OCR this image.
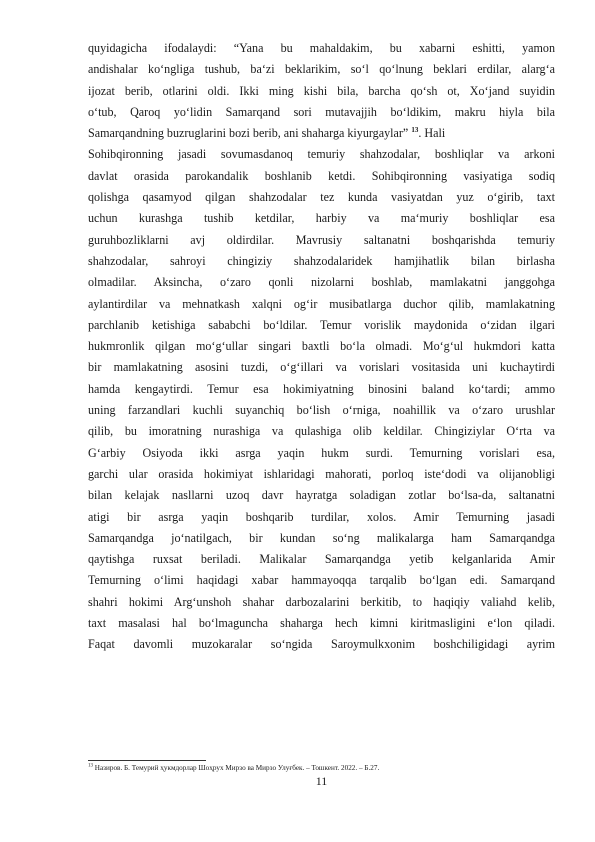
quyidagicha ifodalaydi: “Yana bu mahaldakim, bu xabarni eshitti, yamon
andishalar ko‘ngliga tushub, ba‘zi beklarikim, so‘l qo‘lnung beklari erdilar, alarg‘a
ijozat berib, otlarini oldi. Ikki ming kishi bila, barcha qo‘sh ot, Xo‘jand suyidin
o‘tub, Qaroq yo‘lidin Samarqand sori mutavajjih bo‘ldikim, makru hiyla bila
Samarqandning buzruglarini bozi berib, ani shaharga kiyurgaylar” $^{13}$. Hali
Sohibqironning jasadi sovumasdanoq temuriy shahzodalar, boshliqlar va arkoni
davlat orasida parokandalik boshlanib ketdi. Sohibqironning vasiyatiga sodiq
qolishga qasamyod qilgan shahzodalar tez kunda vasiyatdan yuz o‘girib, taxt
uchun kurashga tushib ketdilar, harbiy va ma‘muriy boshliqlar esa
guruhbozliklarni avj oldirdilar. Mavrusiy saltanatni boshqarishda temuriy
shahzodalar, sahroyi chingiziy shahzodalaridek hamjihatlik bilan birlasha
olmadilar. Aksincha, o‘zaro qonli nizolarni boshlab, mamlakatni janggohga
aylantirdilar va mehnatkash xalqni og‘ir musibatlarga duchor qilib, mamlakatning
parchlanib ketishiga sababchi bo‘ldilar. Temur vorislik maydonida o‘zidan ilgari
hukmronlik qilgan mo‘g‘ullar singari baxtli bo‘la olmadi. Mo‘g‘ul hukmdori katta
bir mamlakatning asosini tuzdi, o‘g‘illari va vorislari vositasida uni kuchaytirdi
hamda kengaytirdi. Temur esa hokimiyatning binosini baland ko‘tardi; ammo
uning farzandlari kuchli suyanchiq bo‘lish o‘rniga, noahillik va o‘zaro urushlar
qilib, bu imoratning nurashiga va qulashiga olib keldilar. Chingiziylar O‘rta va
G‘arbiy Osiyoda ikki asrga yaqin hukm surdi. Temurning vorislari esa,
garchi ular orasida hokimiyat ishlaridagi mahorati, porloq iste‘dodi va olijanobligi
bilan kelajak nasllarni uzoq davr hayratga soladigan zotlar bo‘lsa-da, saltanatni
atigi bir asrga yaqin boshqarib turdilar, xolos. Amir Temurning jasadi
Samarqandga jo‘natilgach, bir kundan so‘ng malikalarga ham Samarqandga
qaytishga ruxsat beriladi. Malikalar Samarqandga yetib kelganlarida Amir
Temurning o‘limi haqidagi xabar hammayoqqa tarqalib bo‘lgan edi. Samarqand
shahri hokimi Arg‘unshoh shahar darbozalarini berkitib, to haqiqiy valiahd kelib,
taxt masalasi hal bo‘lmaguncha shaharga hech kimni kiritmasligini e‘lon qiladi.
Faqat davomli muzokaralar so‘ngida Saroymulkxonim boshchiligidagi ayrim
$^{13}$ Назиров. Б. Темурий ҳукмдорлар Шоҳрух Мирзо ва Мирзо Улуғбек. – Тошкент. 2022. – Б.27.
11
